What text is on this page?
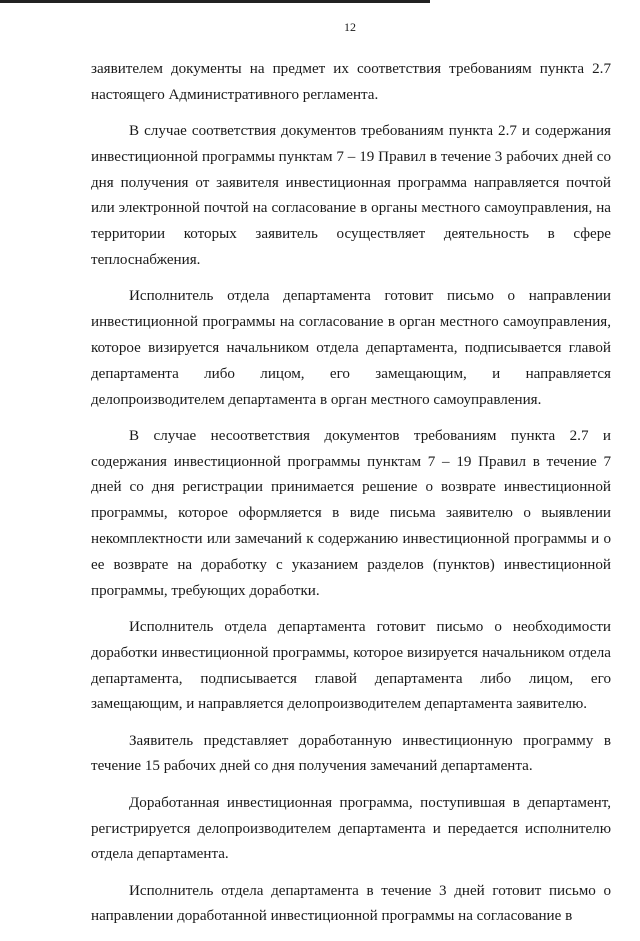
12

заявителем документы на предмет их соответствия требованиям пункта 2.7 настоящего Административного регламента.

В случае соответствия документов требованиям пункта 2.7 и содержания инвестиционной программы пунктам 7 – 19 Правил в течение 3 рабочих дней со дня получения от заявителя инвестиционная программа направляется почтой или электронной почтой на согласование в органы местного самоуправления, на территории которых заявитель осуществляет деятельность в сфере теплоснабжения.

Исполнитель отдела департамента готовит письмо о направлении инвестиционной программы на согласование в орган местного самоуправления, которое визируется начальником отдела департамента, подписывается главой департамента либо лицом, его замещающим, и направляется делопроизводителем департамента в орган местного самоуправления.

В случае несоответствия документов требованиям пункта 2.7 и содержания инвестиционной программы пунктам 7 – 19 Правил в течение 7 дней со дня регистрации принимается решение о возврате инвестиционной программы, которое оформляется в виде письма заявителю о выявлении некомплектности или замечаний к содержанию инвестиционной программы и о ее возврате на доработку с указанием разделов (пунктов) инвестиционной программы, требующих доработки.

Исполнитель отдела департамента готовит письмо о необходимости доработки инвестиционной программы, которое визируется начальником отдела департамента, подписывается главой департамента либо лицом, его замещающим, и направляется делопроизводителем департамента заявителю.

Заявитель представляет доработанную инвестиционную программу в течение 15 рабочих дней со дня получения замечаний департамента.

Доработанная инвестиционная программа, поступившая в департамент, регистрируется делопроизводителем департамента и передается исполнителю отдела департамента.

Исполнитель отдела департамента в течение 3 дней готовит письмо о направлении доработанной инвестиционной программы на согласование в
